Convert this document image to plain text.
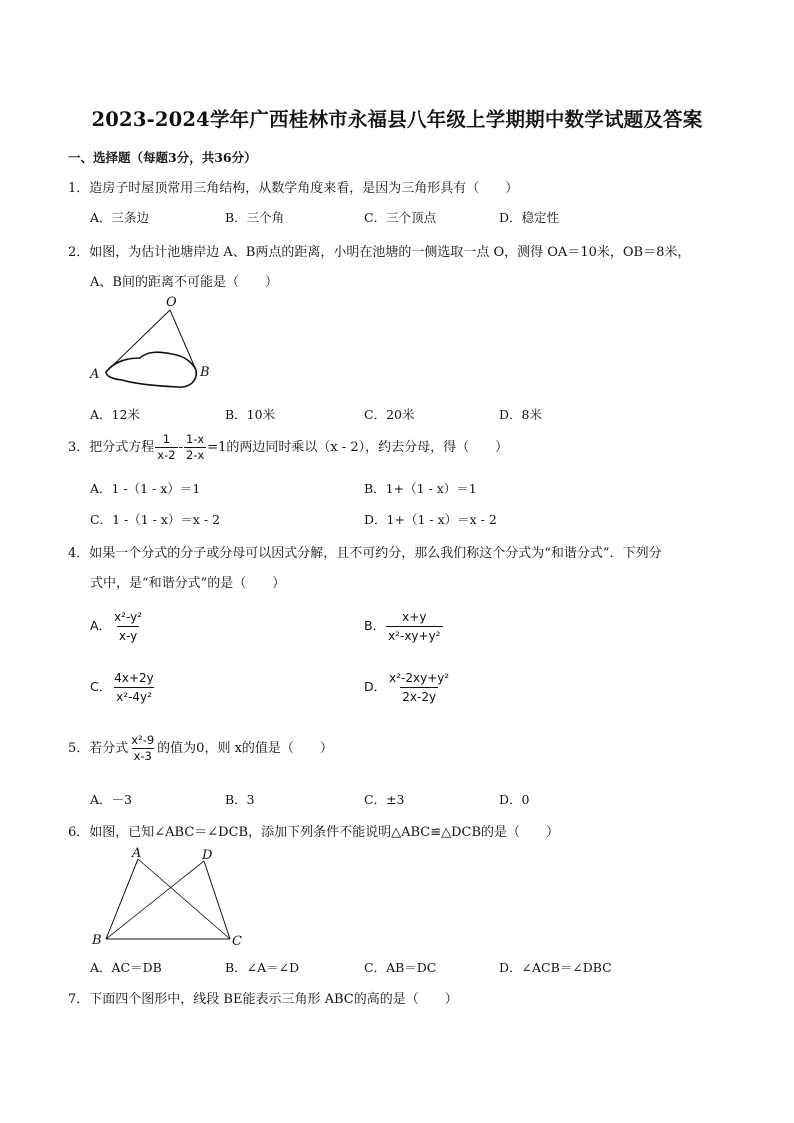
2023-2024学年广西桂林市永福县八年级上学期期中数学试题及答案
一、选择题（每题3分，共36分）
1．造房子时屋顶常用三角结构，从数学角度来看，是因为三角形具有（　　）
A．三条边	B．三个角	C．三个顶点	D．稳定性
2．如图，为估计池塘岸边 A、B两点的距离，小明在池塘的一侧选取一点 O，测得 OA＝10米，OB＝8米，
A、B间的距离不可能是（　　）
O
A	B
A．12米	B．10米	C．20米	D．8米
3．把分式方程 $\frac{1}{x-2} - \frac{1-x}{2-x} =1$的两边同时乘以（x - 2），约去分母，得（　　）
A．1 -（1 - x）＝1	B．1+（1 - x）＝1
C．1 -（1 - x）＝x - 2	D．1+（1 - x）＝x - 2
4．如果一个分式的分子或分母可以因式分解，且不可约分，那么我们称这个分式为“和谐分式”．下列分
式中，是“和谐分式”的是（　　）
A． $\frac{\text{x²-y²}}{x-y}$	B． $\frac{x+y}{\text{x²-xy+y²}}$
C． $\frac{4x+2y}{\text{x²-4y²}}$	D． $\frac{\text{x²-2xy+y²}}{2x-2y}$
5．若分式 $\frac{\text{x²-9}}{x-3}$ 的值为0，则 x的值是（　　）
A．－3	B．3	C．±3	D．0
6．如图，已知∠ABC＝∠DCB，添加下列条件不能说明△ABC≌△DCB的是（　　）
A	D
B	C
A．AC＝DB	B．∠A＝∠D	C．AB＝DC	D．∠ACB＝∠DBC
7．下面四个图形中，线段 BE能表示三角形 ABC的高的是（　　）
